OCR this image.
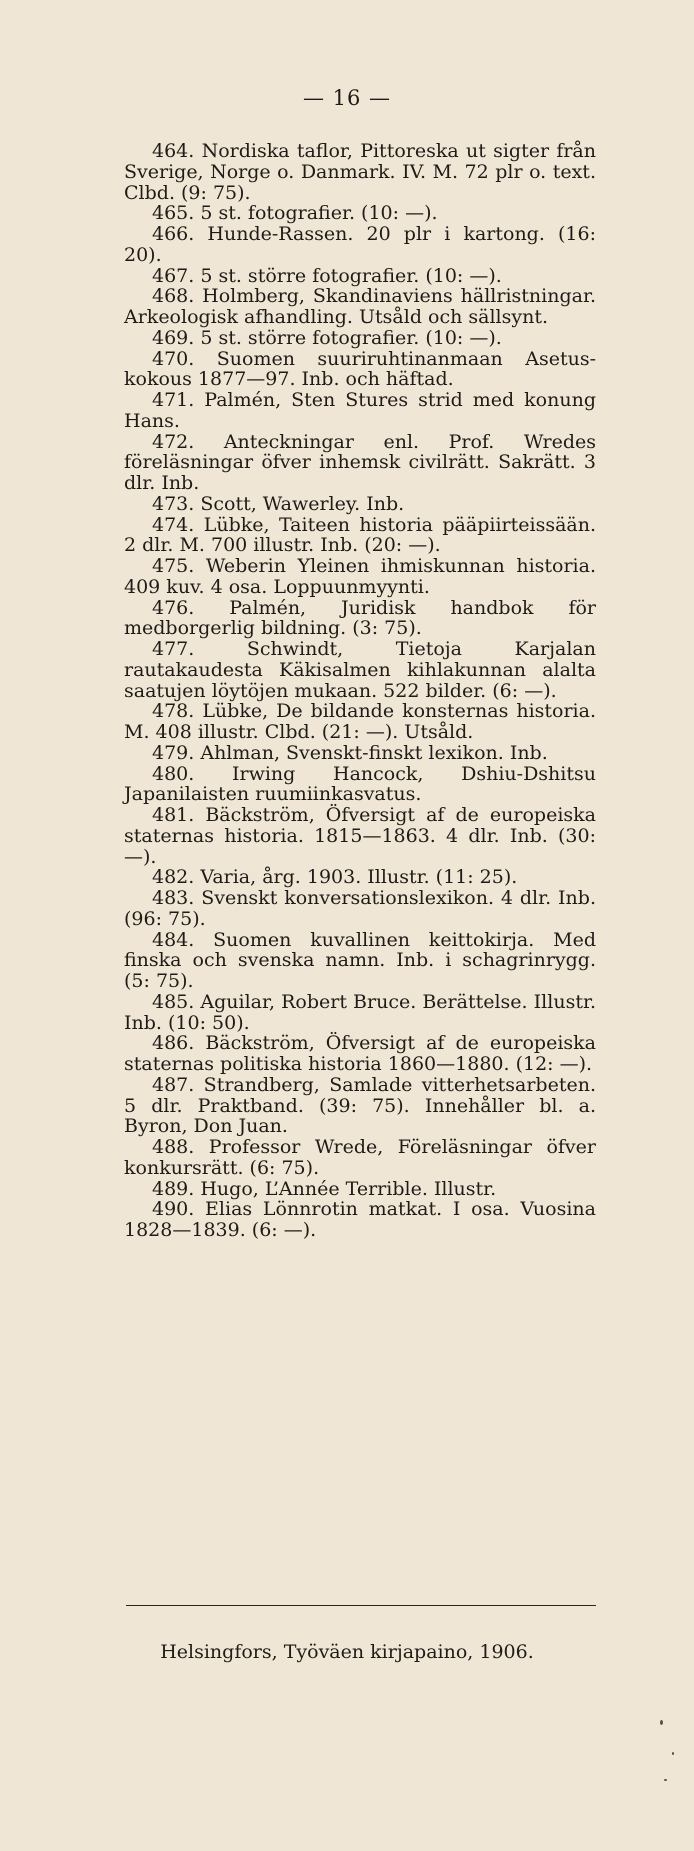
— 16 —
464. Nordiska taflor, Pittoreska ut sigter från Sverige, Norge o. Danmark. IV. M. 72 plr o. text. Clbd. (9: 75).
465. 5 st. fotografier. (10: —).
466. Hunde-Rassen. 20 plr i kartong. (16: 20).
467. 5 st. större fotografier. (10: —).
468. Holmberg, Skandinaviens hällristningar. Arkeologisk afhandling. Utsåld och sällsynt.
469. 5 st. större fotografier. (10: —).
470. Suomen suuriruhtinanmaan Asetus-kokous 1877—97. Inb. och häftad.
471. Palmén, Sten Stures strid med konung Hans.
472. Anteckningar enl. Prof. Wredes föreläsningar öfver inhemsk civilrätt. Sakrätt. 3 dlr. Inb.
473. Scott, Wawerley. Inb.
474. Lübke, Taiteen historia pääpiirteissään. 2 dlr. M. 700 illustr. Inb. (20: —).
475. Weberin Yleinen ihmiskunnan historia. 409 kuv. 4 osa. Loppuunmyynti.
476. Palmén, Juridisk handbok för medborgerlig bildning. (3: 75).
477. Schwindt, Tietoja Karjalan rautakaudesta Käkisalmen kihlakunnan alalta saatujen löytöjen mukaan. 522 bilder. (6: —).
478. Lübke, De bildande konsternas historia. M. 408 illustr. Clbd. (21: —). Utsåld.
479. Ahlman, Svenskt-finskt lexikon. Inb.
480. Irwing Hancock, Dshiu-Dshitsu Japanilaisten ruumiinkasvatus.
481. Bäckström, Öfversigt af de europeiska staternas historia. 1815—1863. 4 dlr. Inb. (30: —).
482. Varia, årg. 1903. Illustr. (11: 25).
483. Svenskt konversationslexikon. 4 dlr. Inb. (96: 75).
484. Suomen kuvallinen keittokirja. Med finska och svenska namn. Inb. i schagrinrygg. (5: 75).
485. Aguilar, Robert Bruce. Berättelse. Illustr. Inb. (10: 50).
486. Bäckström, Öfversigt af de europeiska staternas politiska historia 1860—1880. (12: —).
487. Strandberg, Samlade vitterhetsarbeten. 5 dlr. Praktband. (39: 75). Innehåller bl. a. Byron, Don Juan.
488. Professor Wrede, Föreläsningar öfver konkursrätt. (6: 75).
489. Hugo, L’Année Terrible. Illustr.
490. Elias Lönnrotin matkat. I osa. Vuosina 1828—1839. (6: —).
Helsingfors, Työväen kirjapaino, 1906.
